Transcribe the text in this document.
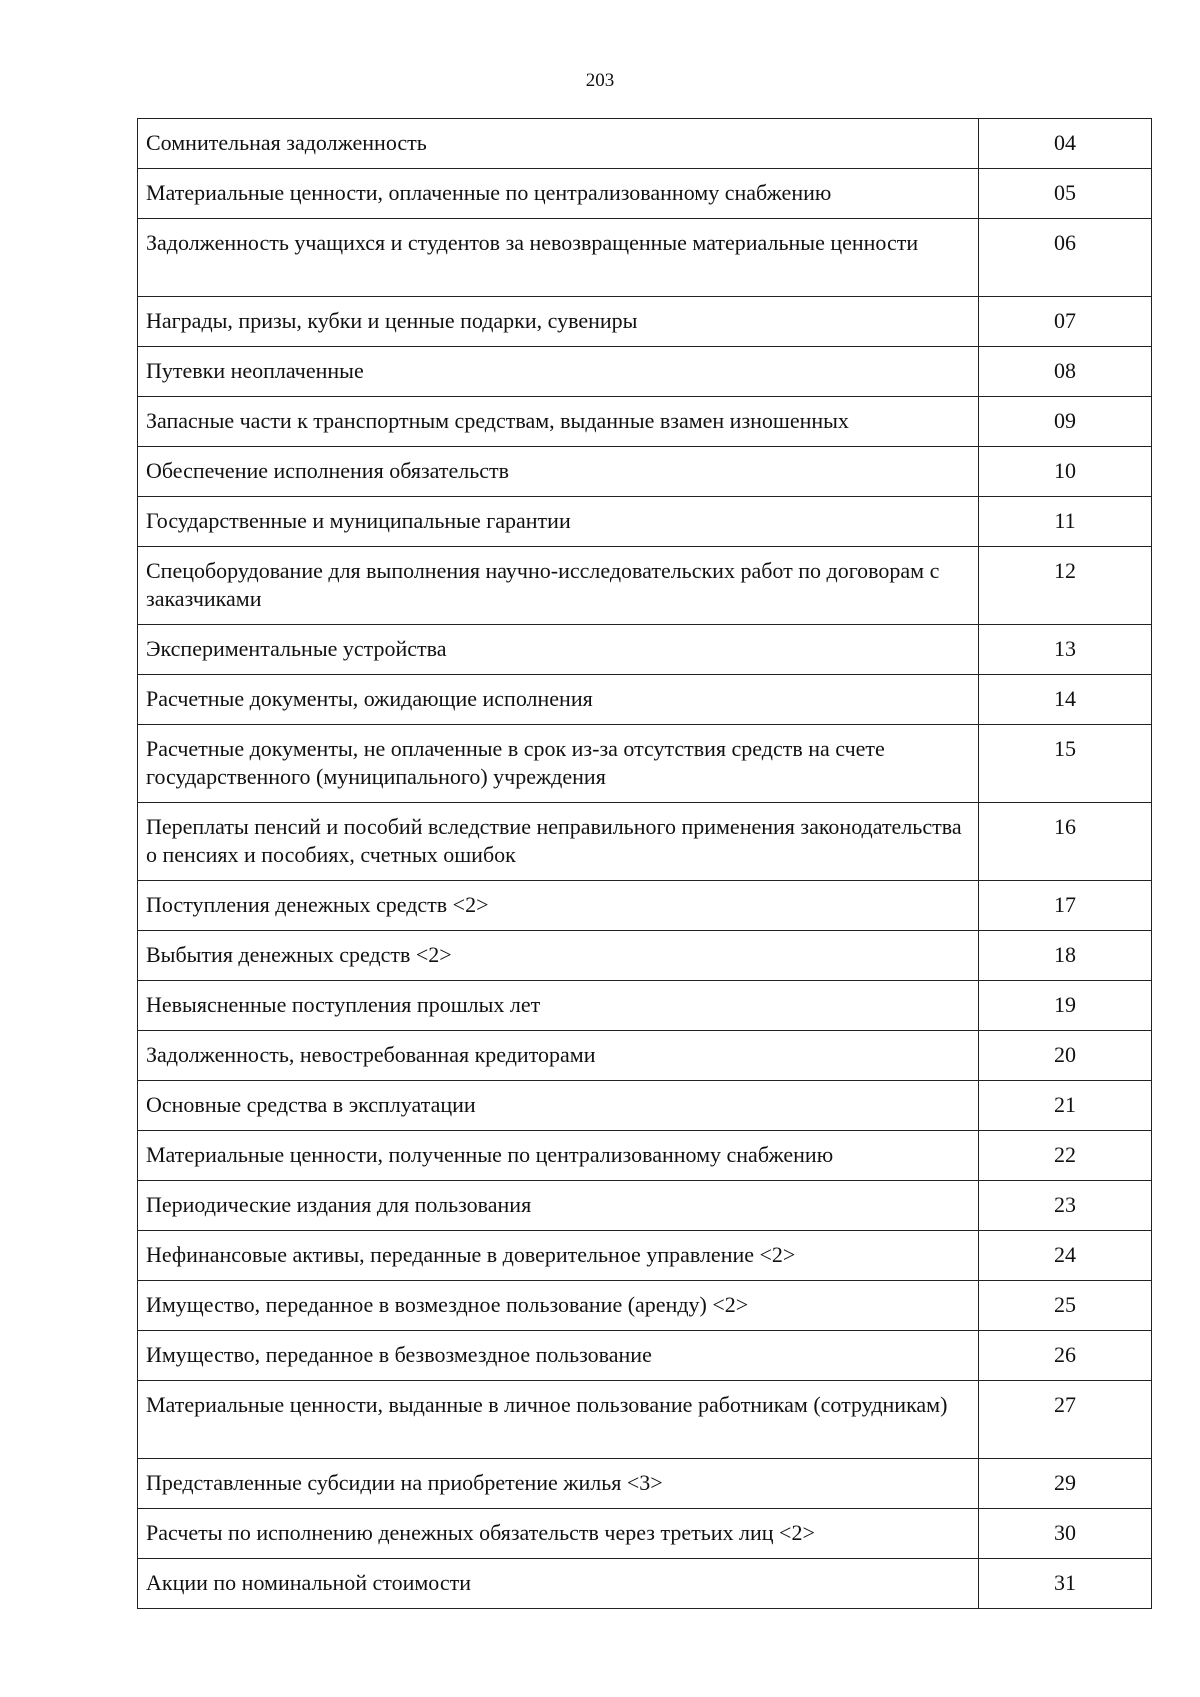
203
Сомнительная задолженность	04
Материальные ценности, оплаченные по централизованному снабжению	05
Задолженность учащихся и студентов за невозвращенные материальные ценности	06
Награды, призы, кубки и ценные подарки, сувениры	07
Путевки неоплаченные	08
Запасные части к транспортным средствам, выданные взамен изношенных	09
Обеспечение исполнения обязательств	10
Государственные и муниципальные гарантии	11
Спецоборудование для выполнения научно-исследовательских работ по договорам с заказчиками	12
Экспериментальные устройства	13
Расчетные документы, ожидающие исполнения	14
Расчетные документы, не оплаченные в срок из-за отсутствия средств на счете государственного (муниципального) учреждения	15
Переплаты пенсий и пособий вследствие неправильного применения законодательства о пенсиях и пособиях, счетных ошибок	16
Поступления денежных средств <2>	17
Выбытия денежных средств <2>	18
Невыясненные поступления прошлых лет	19
Задолженность, невостребованная кредиторами	20
Основные средства в эксплуатации	21
Материальные ценности, полученные по централизованному снабжению	22
Периодические издания для пользования	23
Нефинансовые активы, переданные в доверительное управление <2>	24
Имущество, переданное в возмездное пользование (аренду) <2>	25
Имущество, переданное в безвозмездное пользование	26
Материальные ценности, выданные в личное пользование работникам (сотрудникам)	27
Представленные субсидии на приобретение жилья <3>	29
Расчеты по исполнению денежных обязательств через третьих лиц <2>	30
Акции по номинальной стоимости	31
